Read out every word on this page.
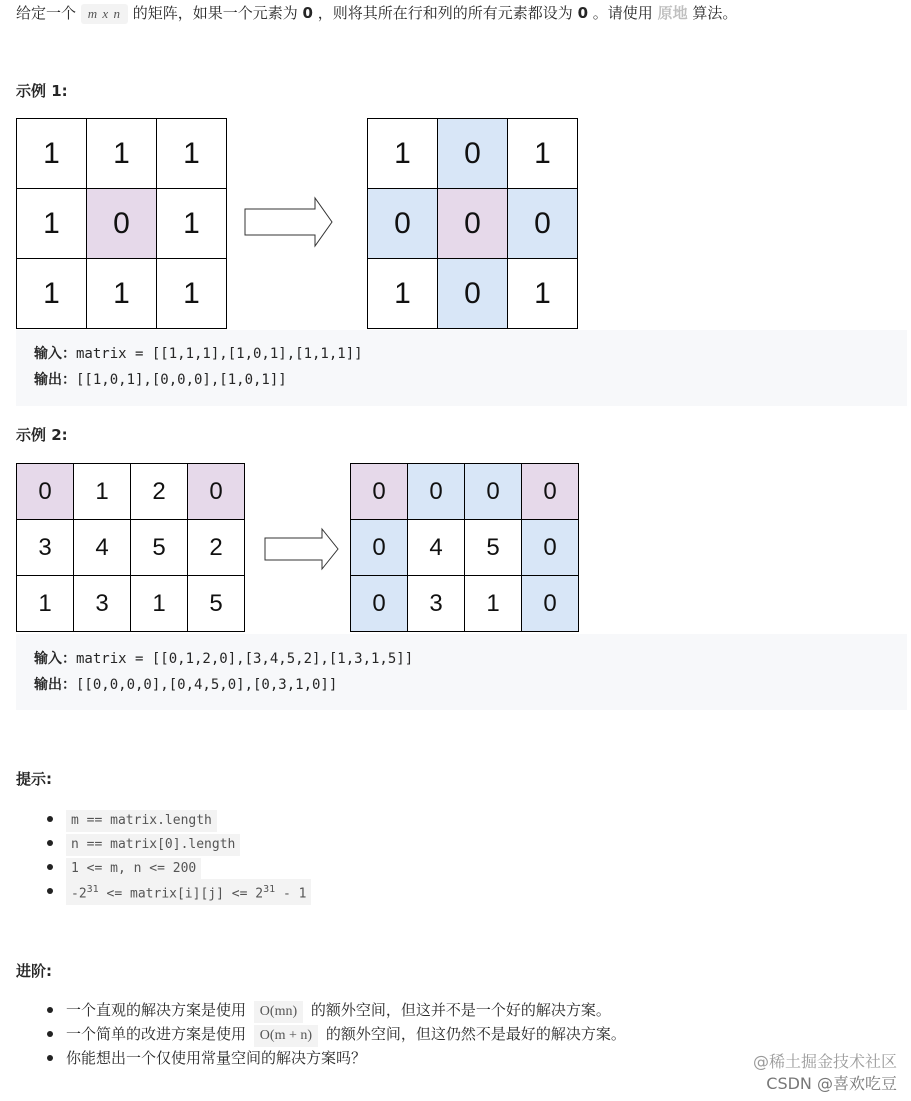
给定一个 m x n 的矩阵，如果一个元素为 0 ，则将其所在行和列的所有元素都设为 0 。请使用 原地 算法。
示例 1:
1	1	1
1	0	1
1	1	1
1	0	1
0	0	0
1	0	1
输入：matrix = [[1,1,1],[1,0,1],[1,1,1]]
输出：[[1,0,1],[0,0,0],[1,0,1]]
示例 2:
0	1	2	0
3	4	5	2
1	3	1	5
0	0	0	0
0	4	5	0
0	3	1	0
输入：matrix = [[0,1,2,0],[3,4,5,2],[1,3,1,5]]
输出：[[0,0,0,0],[0,4,5,0],[0,3,1,0]]
提示:
m == matrix.length
n == matrix[0].length
1 <= m, n <= 200
$-2^{31}$ <= matrix[i][j] <= $2^{31} - 1$
进阶:
一个直观的解决方案是使用 O(mn) 的额外空间，但这并不是一个好的解决方案。
一个简单的改进方案是使用 O(m + n) 的额外空间，但这仍然不是最好的解决方案。
你能想出一个仅使用常量空间的解决方案吗？	@稀土掘金技术社区
CSDN @喜欢吃豆
